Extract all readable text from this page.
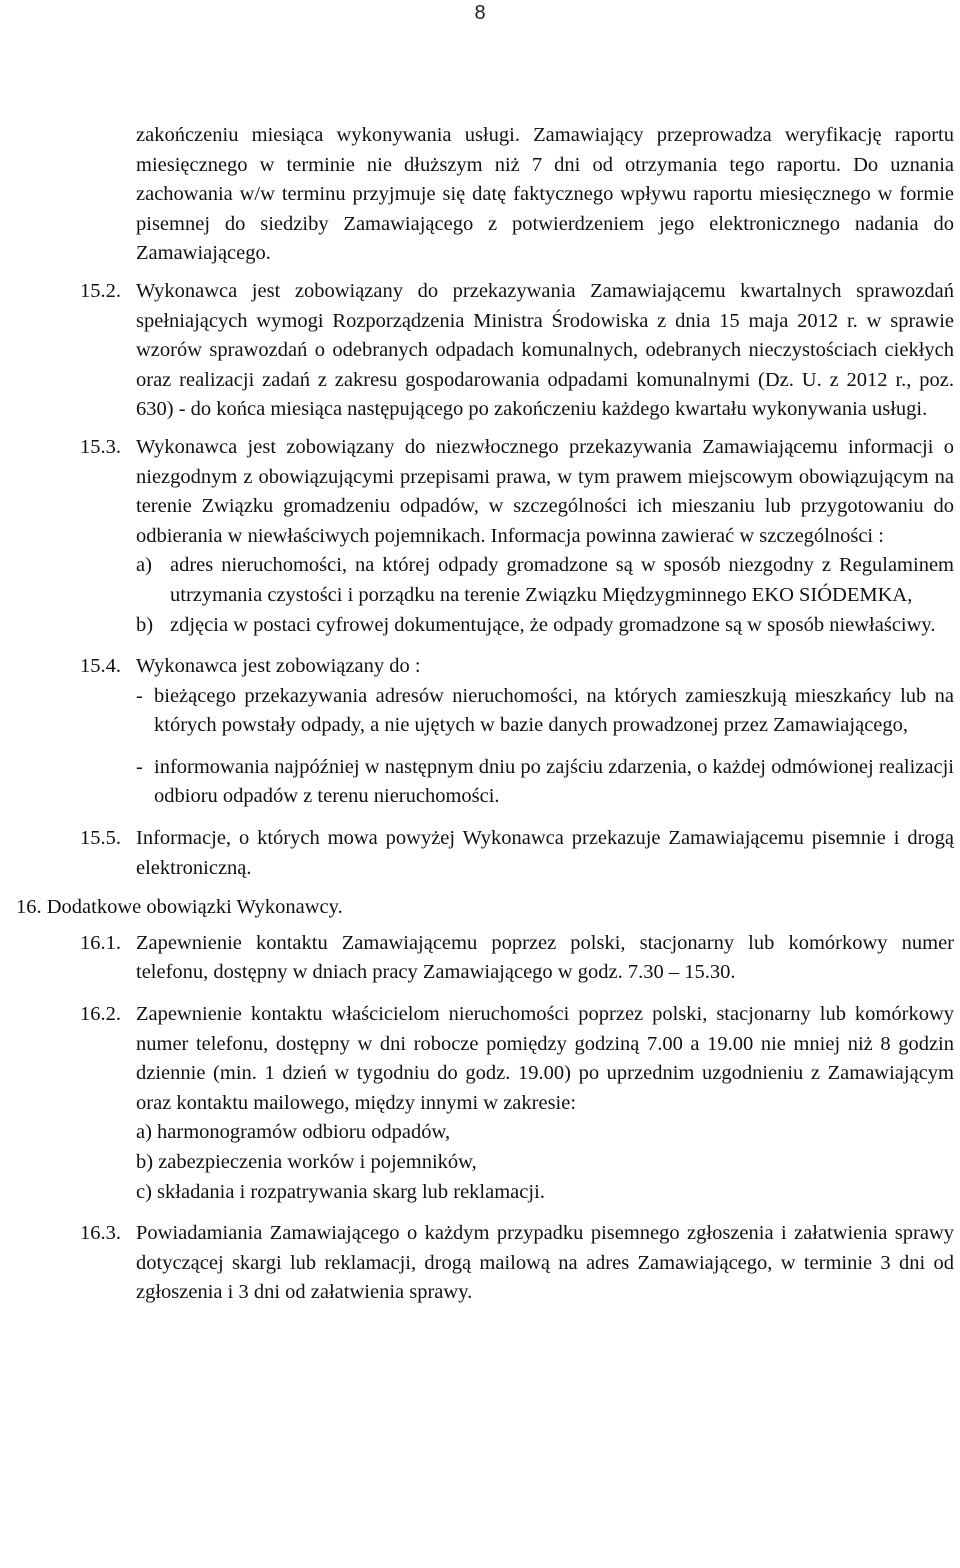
8

zakończeniu miesiąca wykonywania usługi. Zamawiający przeprowadza weryfikację raportu miesięcznego w terminie nie dłuższym niż 7 dni od otrzymania tego raportu. Do uznania zachowania w/w terminu przyjmuje się datę faktycznego wpływu raportu miesięcznego w formie pisemnej do siedziby Zamawiającego z potwierdzeniem jego elektronicznego nadania do Zamawiającego.

15.2. Wykonawca jest zobowiązany do przekazywania Zamawiającemu kwartalnych sprawozdań spełniających wymogi Rozporządzenia Ministra Środowiska z dnia 15 maja 2012 r. w sprawie wzorów sprawozdań o odebranych odpadach komunalnych, odebranych nieczystościach ciekłych oraz realizacji zadań z zakresu gospodarowania odpadami komunalnymi (Dz. U. z 2012 r., poz. 630) - do końca miesiąca następującego po zakończeniu każdego kwartału wykonywania usługi.

15.3. Wykonawca jest zobowiązany do niezwłocznego przekazywania Zamawiającemu informacji o niezgodnym z obowiązującymi przepisami prawa, w tym prawem miejscowym obowiązującym na terenie Związku gromadzeniu odpadów, w szczególności ich mieszaniu lub przygotowaniu do odbierania w niewłaściwych pojemnikach. Informacja powinna zawierać w szczególności :

a) adres nieruchomości, na której odpady gromadzone są w sposób niezgodny z Regulaminem utrzymania czystości i porządku na terenie Związku Międzygminnego EKO SIÓDEMKA,
b) zdjęcia w postaci cyfrowej dokumentujące, że odpady gromadzone są w sposób niewłaściwy.
15.4. Wykonawca jest zobowiązany do :

- bieżącego przekazywania adresów nieruchomości, na których zamieszkują mieszkańcy lub na których powstały odpady, a nie ujętych w bazie danych prowadzonej przez Zamawiającego,
- informowania najpóźniej w następnym dniu po zajściu zdarzenia, o każdej odmówionej realizacji odbioru odpadów z terenu nieruchomości.
15.5. Informacje, o których mowa powyżej Wykonawca przekazuje Zamawiającemu pisemnie i drogą elektroniczną.

16. Dodatkowe obowiązki Wykonawcy.
16.1. Zapewnienie kontaktu Zamawiającemu poprzez polski, stacjonarny lub komórkowy numer telefonu, dostępny w dniach pracy Zamawiającego w godz. 7.30 – 15.30.
16.2. Zapewnienie kontaktu właścicielom nieruchomości poprzez polski, stacjonarny lub komórkowy numer telefonu, dostępny w dni robocze pomiędzy godziną 7.00 a 19.00 nie mniej niż 8 godzin dziennie (min. 1 dzień w tygodniu do godz. 19.00) po uprzednim uzgodnieniu z Zamawiającym oraz kontaktu mailowego, między innymi w zakresie:
a) harmonogramów odbioru odpadów,
b) zabezpieczenia worków i pojemników,
c) składania i rozpatrywania skarg lub reklamacji.
16.3. Powiadamiania Zamawiającego o każdym przypadku pisemnego zgłoszenia i załatwienia sprawy dotyczącej skargi lub reklamacji, drogą mailową na adres Zamawiającego, w terminie 3 dni od zgłoszenia i 3 dni od załatwienia sprawy.
